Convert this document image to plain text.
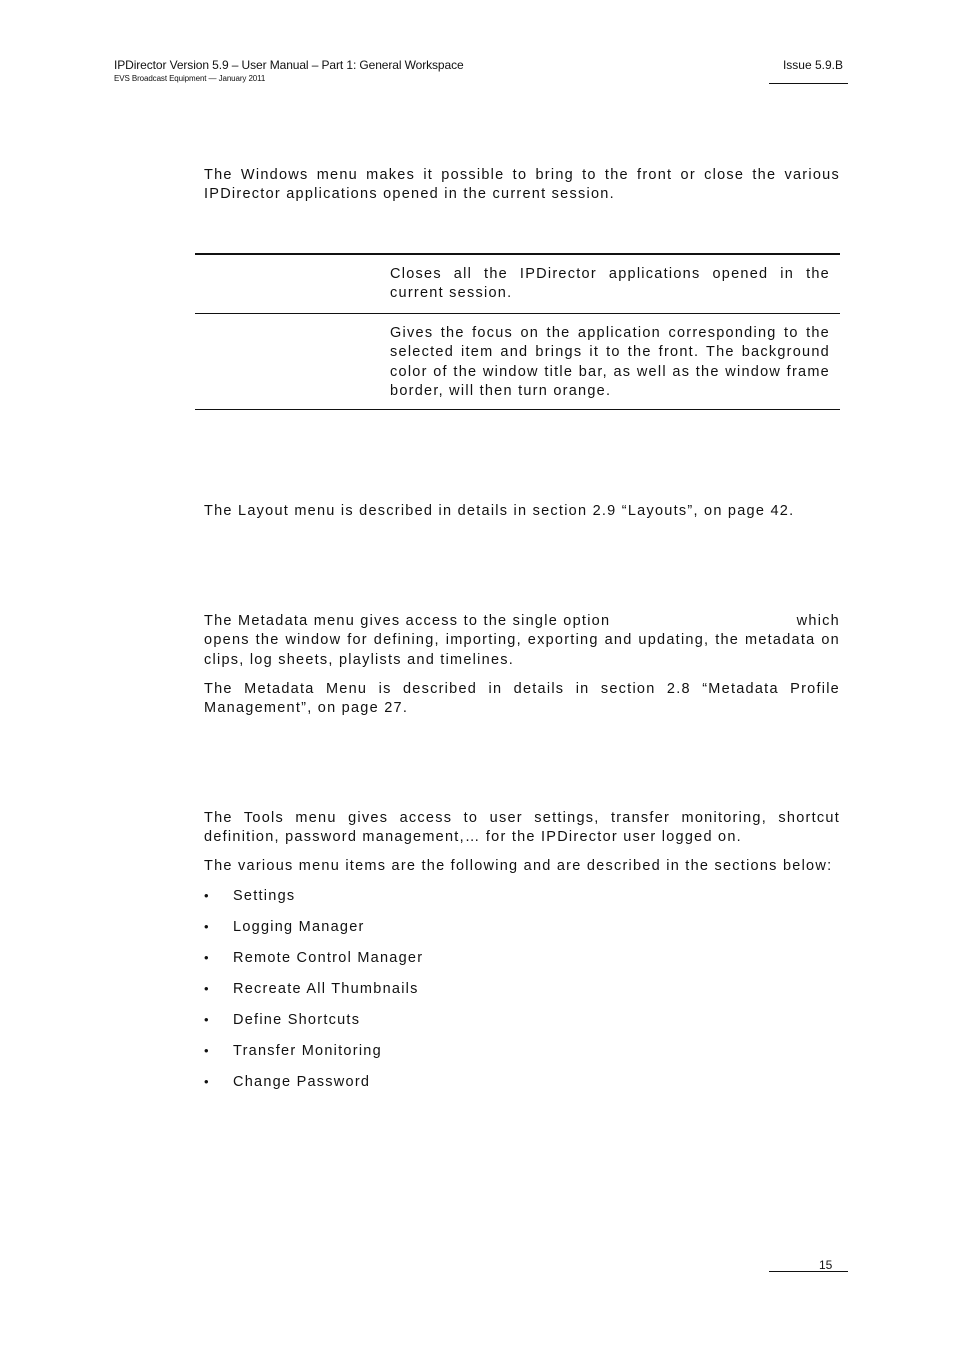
IPDirector Version 5.9 – User Manual – Part 1: General Workspace
EVS Broadcast Equipment — January 2011
Issue 5.9.B
The Windows menu makes it possible to bring to the front or close the various IPDirector applications opened in the current session.
Closes all the IPDirector applications opened in the current session.
Gives the focus on the application corresponding to the selected item and brings it to the front. The background color of the window title bar, as well as the window frame border, will then turn orange.
The Layout menu is described in details in section 2.9 “Layouts”, on page 42.
The Metadata menu gives access to the single option	which
opens the window for defining, importing, exporting and updating, the metadata on clips, log sheets, playlists and timelines.
The Metadata Menu is described in details in section 2.8 “Metadata Profile Management”, on page 27.
The Tools menu gives access to user settings, transfer monitoring, shortcut definition, password management,… for the IPDirector user logged on.
The various menu items are the following and are described in the sections below:
• Settings
• Logging Manager
• Remote Control Manager
• Recreate All Thumbnails
• Define Shortcuts
• Transfer Monitoring
• Change Password
15
